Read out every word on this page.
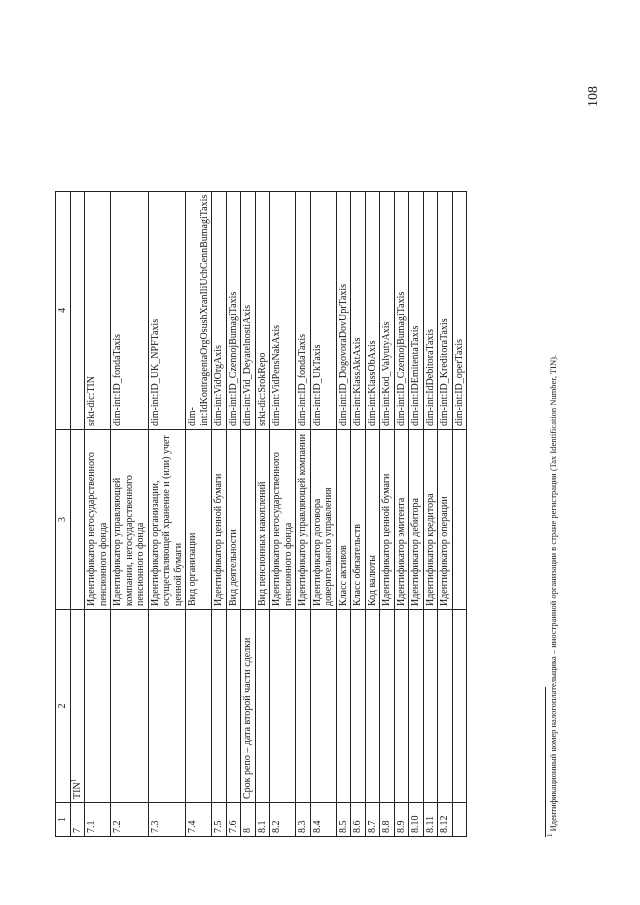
1	2	3	4
7	TIN$^1$		
7.1		Идентификатор негосударственного пенсионного фонда	srkt-dic:TIN
7.2		Идентификатор управляющей компании, негосударственного пенсионного фонда	dim-int:ID_fondaTaxis
7.3		Идентификатор организации, осуществляющей хранение и (или) учет ценной бумаги	dim-int:ID_UK_NPFTaxis
7.4		Вид организации	dim-int:IdKontragentaOrgOsushXranIliUchCennBumagiTaxis
7.5		Идентификатор ценной бумаги	dim-int:VidOrgAxis
7.6		Вид деятельности	dim-int:ID_CzennojBumagiTaxis
8	Срок репо – дата второй части сделки		dim-int:Vid_DeyatelnostiAxis
8.1		Вид пенсионных накоплений	srkt-dic:SrokRepo
8.2		Идентификатор негосударственного пенсионного фонда	dim-int:VidPensNakAxis
8.3		Идентификатор управляющей компании	dim-int:ID_fondaTaxis
8.4		Идентификатор договора доверительного управления	dim-int:ID_UkTaxis
8.5		Класс активов	dim-int:ID_DogovoraDovUprTaxis
8.6		Класс обязательств	dim-int:KlassAktAxis
8.7		Код валюты	dim-int:KlassObAxis
8.8		Идентификатор ценной бумаги	dim-int:Kod_ValyutyAxis
8.9		Идентификатор эмитента	dim-int:ID_CzennojBumagiTaxis
8.10		Идентификатор дебитора	dim-int:IDEmitentaTaxis
8.11		Идентификатор кредитора	dim-int:IdDebitoraTaxis
8.12		Идентификатор операции	dim-int:ID_KreditoraTaxis
			dim-int:ID_operTaxis
$^1$ Идентификационный номер налогоплательщика – иностранной организации в стране регистрации (Tax Identification Number, TIN).
108
